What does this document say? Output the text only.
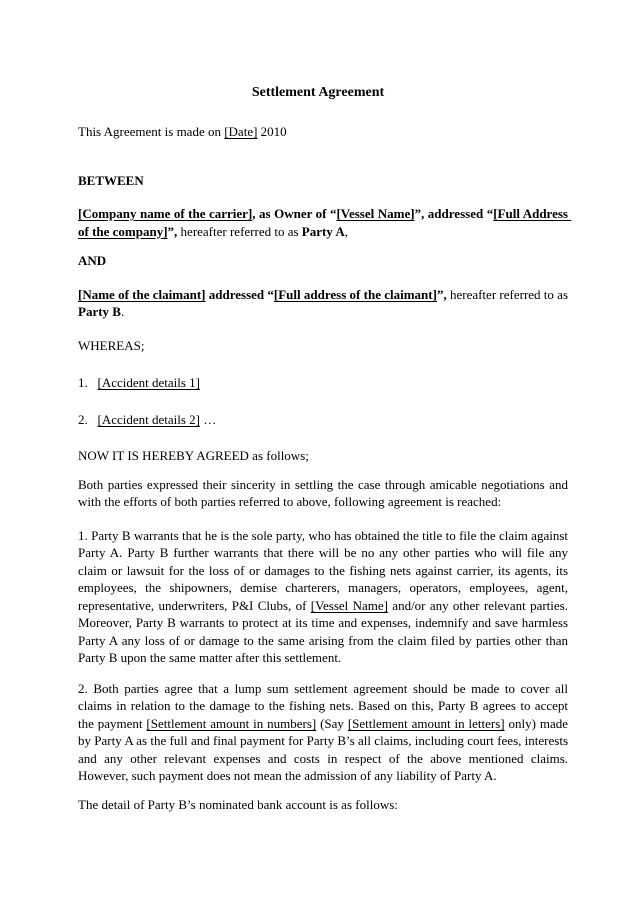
Settlement Agreement

This Agreement is made on [Date] 2010

BETWEEN

[Company name of the carrier], as Owner of “[Vessel Name]”, addressed “[Full Address of the company]”, hereafter referred to as Party A,

AND

[Name of the claimant] addressed “[Full address of the claimant]”, hereafter referred to as Party B.

WHEREAS;

1.   [Accident details 1]

2.   [Accident details 2] …

NOW IT IS HEREBY AGREED as follows;

Both parties expressed their sincerity in settling the case through amicable negotiations and with the efforts of both parties referred to above, following agreement is reached:

1. Party B warrants that he is the sole party, who has obtained the title to file the claim against Party A. Party B further warrants that there will be no any other parties who will file any claim or lawsuit for the loss of or damages to the fishing nets against carrier, its agents, its employees, the shipowners, demise charterers, managers, operators, employees, agent, representative, underwriters, P&I Clubs, of [Vessel Name] and/or any other relevant parties. Moreover, Party B warrants to protect at its time and expenses, indemnify and save harmless Party A any loss of or damage to the same arising from the claim filed by parties other than Party B upon the same matter after this settlement.

2. Both parties agree that a lump sum settlement agreement should be made to cover all claims in relation to the damage to the fishing nets. Based on this, Party B agrees to accept the payment [Settlement amount in numbers] (Say [Settlement amount in letters] only) made by Party A as the full and final payment for Party B’s all claims, including court fees, interests and any other relevant expenses and costs in respect of the above mentioned claims. However, such payment does not mean the admission of any liability of Party A.

The detail of Party B’s nominated bank account is as follows:
